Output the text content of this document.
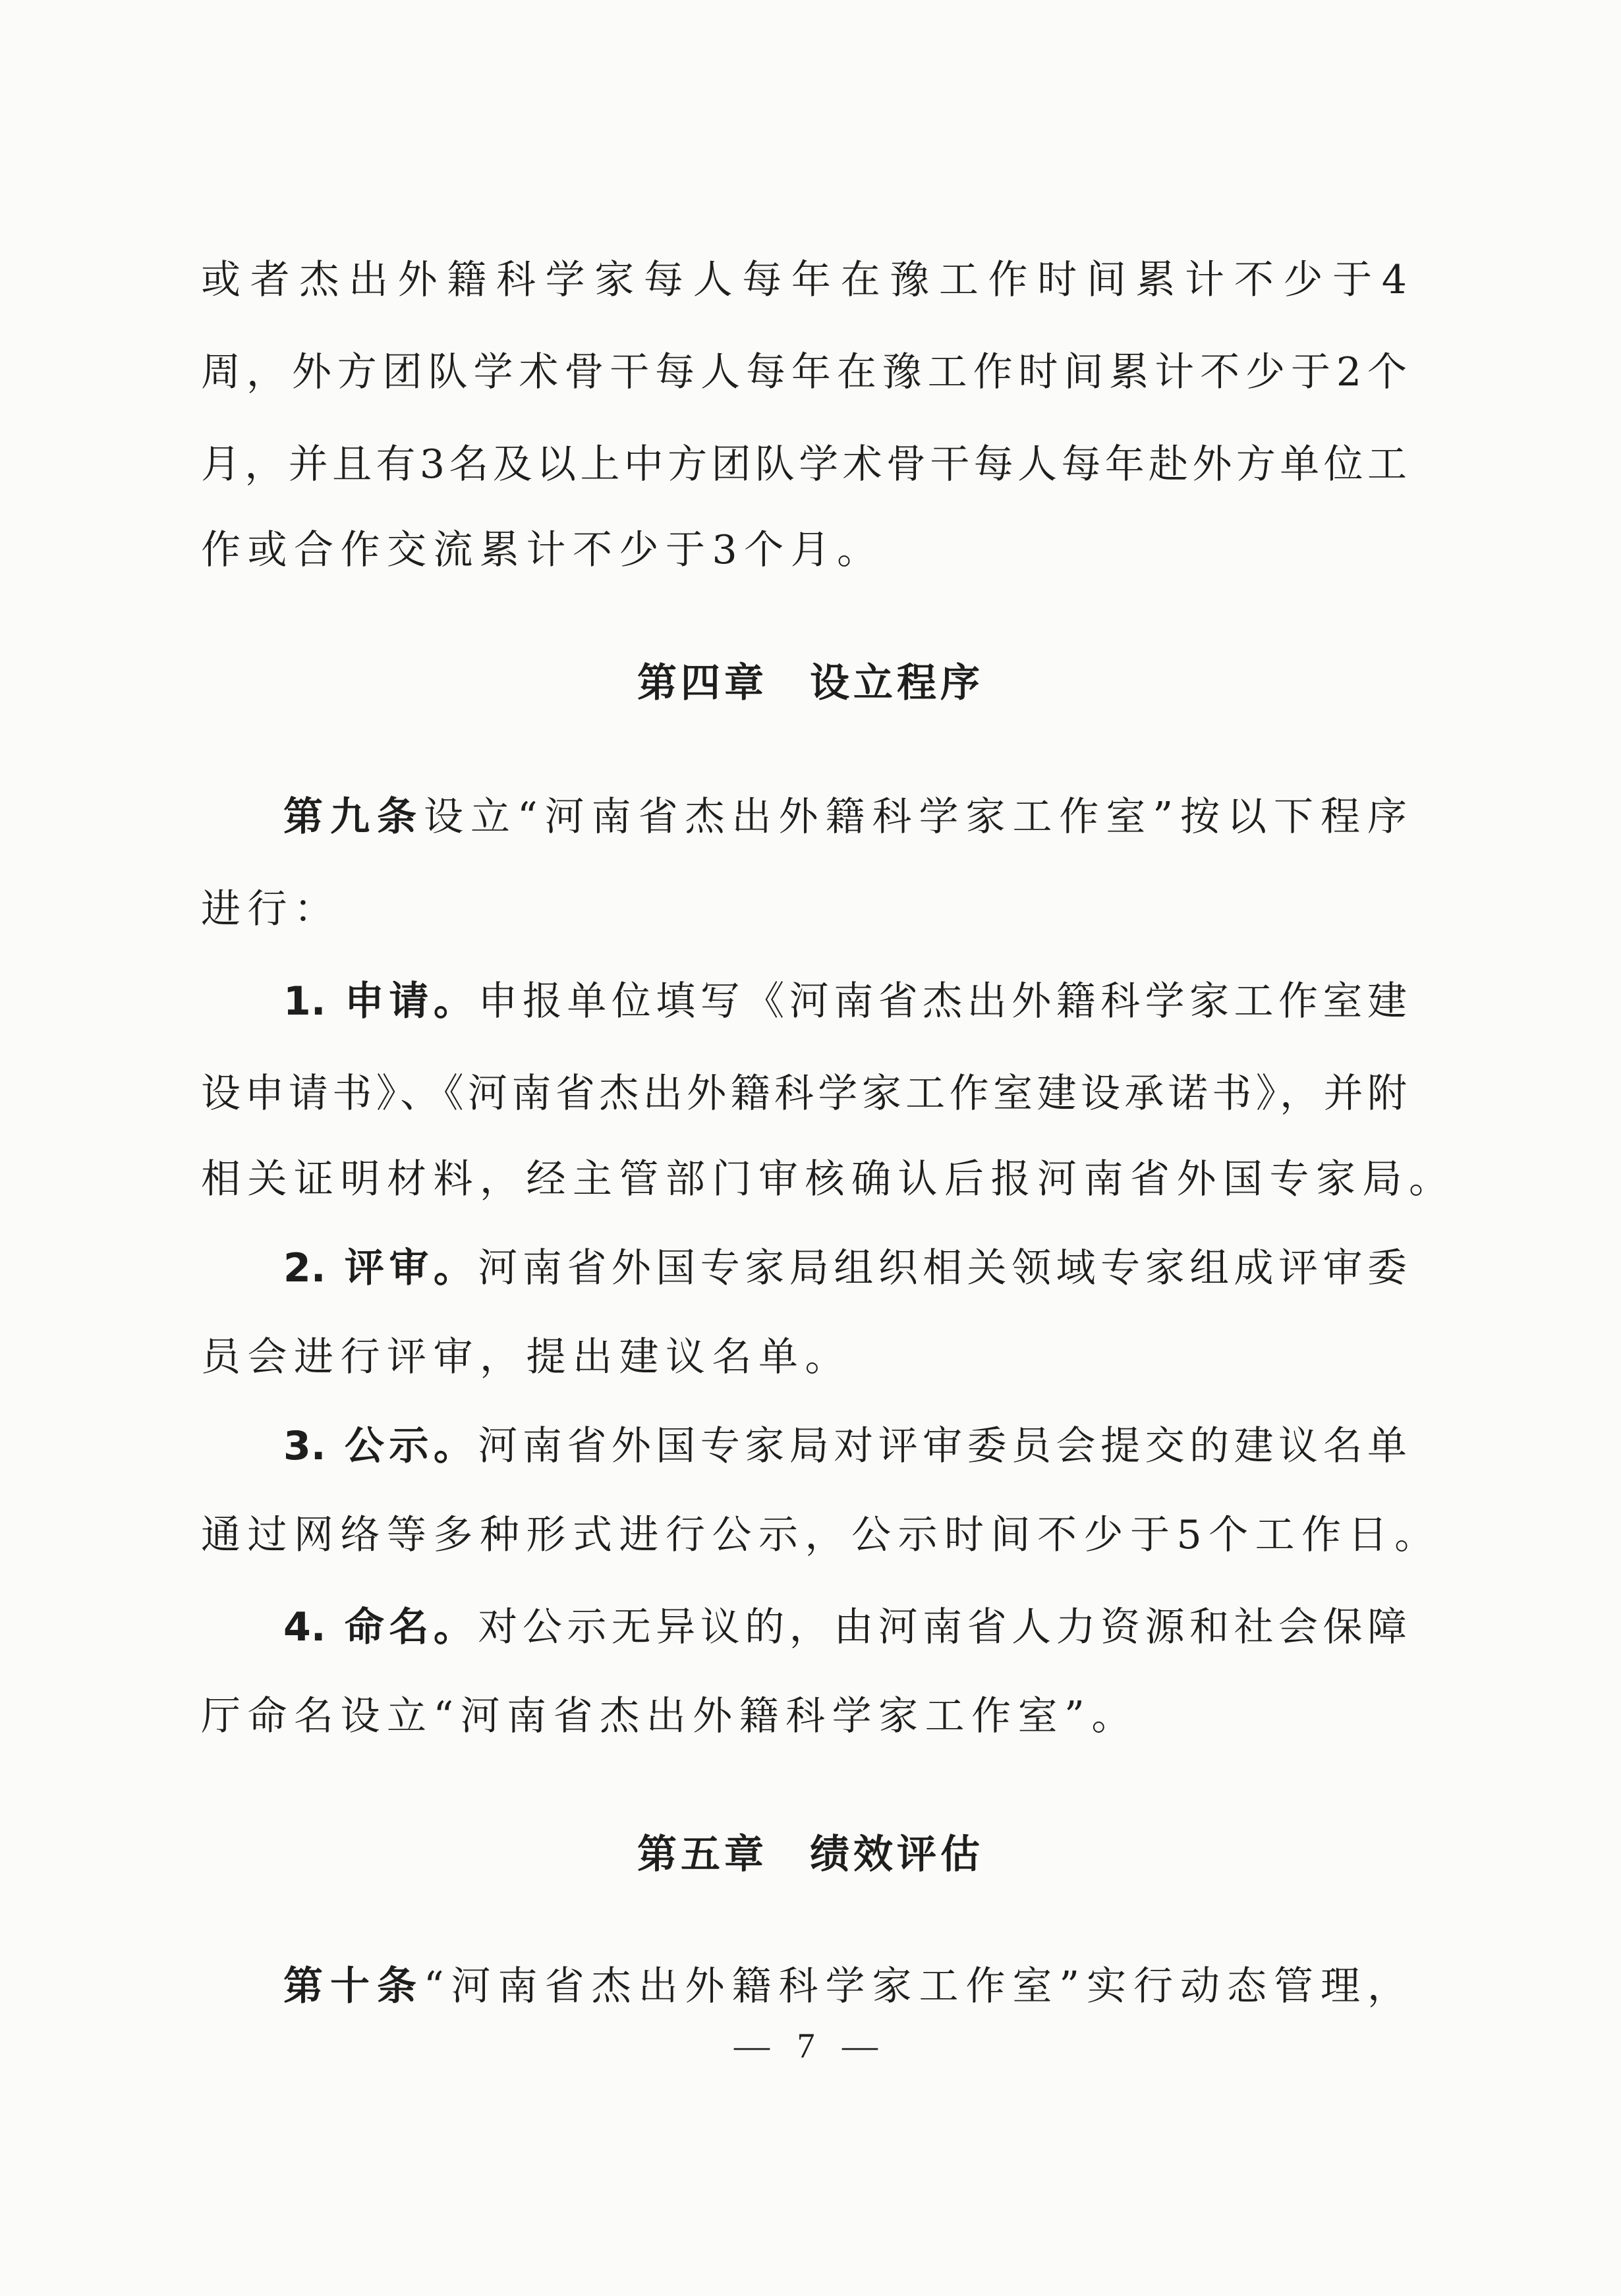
或者杰出外籍科学家每人每年在豫工作时间累计不少于4
周，外方团队学术骨干每人每年在豫工作时间累计不少于2个
月，并且有3名及以上中方团队学术骨干每人每年赴外方单位工
作或合作交流累计不少于3个月。
第四章 设立程序
第九条设立“河南省杰出外籍科学家工作室”按以下程序
进行：
1. 申请。申报单位填写《河南省杰出外籍科学家工作室建
设申请书》、《河南省杰出外籍科学家工作室建设承诺书》，并附
相关证明材料，经主管部门审核确认后报河南省外国专家局。
2. 评审。河南省外国专家局组织相关领域专家组成评审委
员会进行评审，提出建议名单。
3. 公示。河南省外国专家局对评审委员会提交的建议名单
通过网络等多种形式进行公示，公示时间不少于5个工作日。
4. 命名。对公示无异议的，由河南省人力资源和社会保障
厅命名设立“河南省杰出外籍科学家工作室”。
第五章 绩效评估
第十条“河南省杰出外籍科学家工作室”实行动态管理，
— 7 —
